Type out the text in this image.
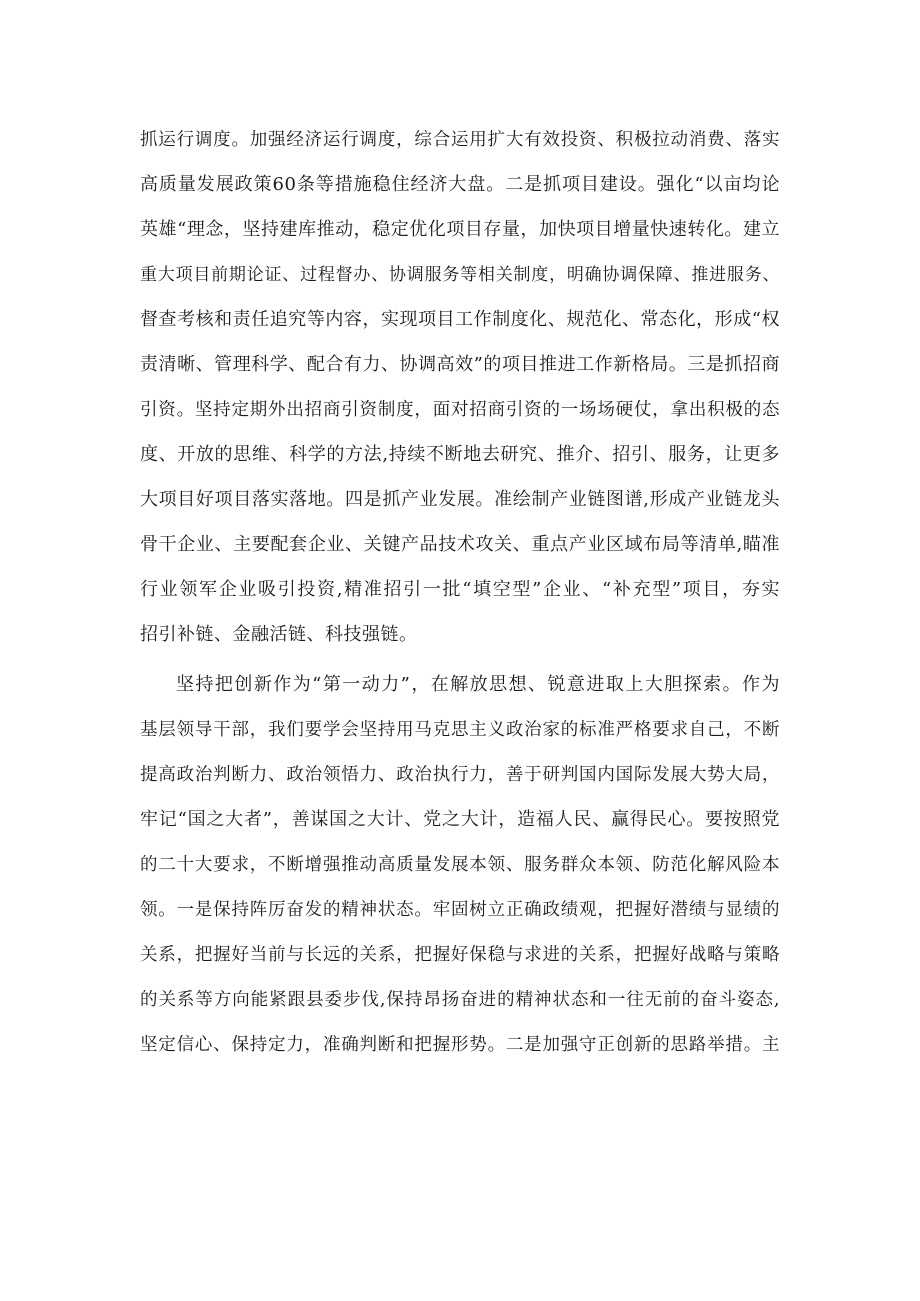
抓运行调度。加强经济运行调度，综合运用扩大有效投资、积极拉动消费、落实
高质量发展政策60条等措施稳住经济大盘。二是抓项目建设。强化“以亩均论
英雄“理念，坚持建库推动，稳定优化项目存量，加快项目增量快速转化。建立
重大项目前期论证、过程督办、协调服务等相关制度，明确协调保障、推进服务、
督查考核和责任追究等内容，实现项目工作制度化、规范化、常态化，形成“权
责清晰、管理科学、配合有力、协调高效”的项目推进工作新格局。三是抓招商
引资。坚持定期外出招商引资制度，面对招商引资的一场场硬仗，拿出积极的态
度、开放的思维、科学的方法,持续不断地去研究、推介、招引、服务，让更多
大项目好项目落实落地。四是抓产业发展。准绘制产业链图谱,形成产业链龙头
骨干企业、主要配套企业、关键产品技术攻关、重点产业区域布局等清单,瞄准
行业领军企业吸引投资,精准招引一批“填空型”企业、“补充型”项目，夯实
招引补链、金融活链、科技强链。
坚持把创新作为“第一动力”，在解放思想、锐意进取上大胆探索。作为
基层领导干部，我们要学会坚持用马克思主义政治家的标准严格要求自己，不断
提高政治判断力、政治领悟力、政治执行力，善于研判国内国际发展大势大局，
牢记“国之大者”，善谋国之大计、党之大计，造福人民、赢得民心。要按照党
的二十大要求，不断增强推动高质量发展本领、服务群众本领、防范化解风险本
领。一是保持阵厉奋发的精神状态。牢固树立正确政绩观，把握好潜绩与显绩的
关系，把握好当前与长远的关系，把握好保稳与求进的关系，把握好战略与策略
的关系等方向能紧跟县委步伐,保持昂扬奋进的精神状态和一往无前的奋斗姿态,
坚定信心、保持定力，准确判断和把握形势。二是加强守正创新的思路举措。主
